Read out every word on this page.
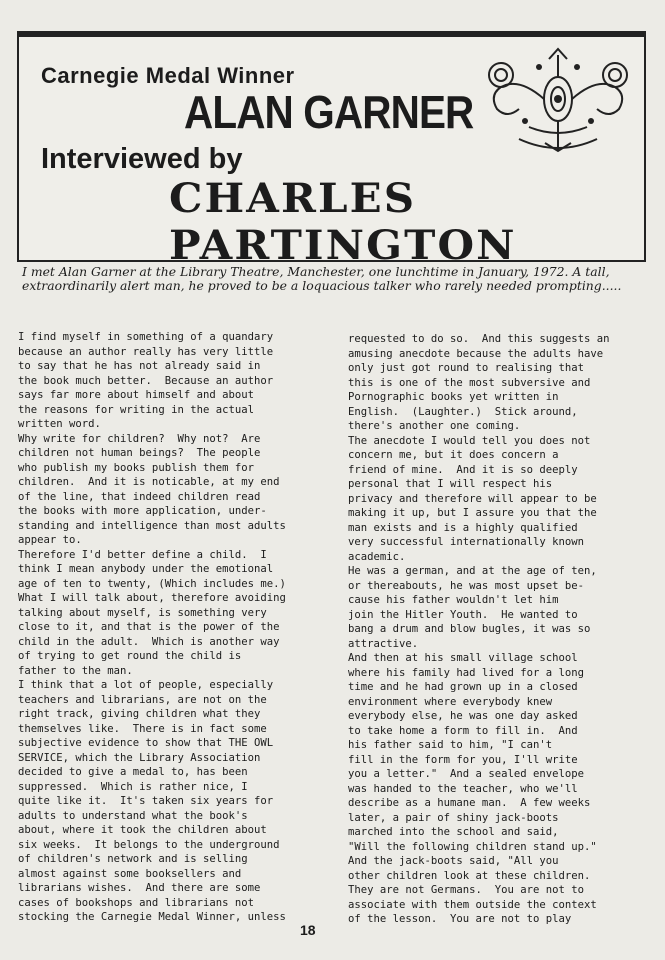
Carnegie Medal Winner
ALAN GARNER
Interviewed by
CHARLES PARTINGTON
I met Alan Garner at the Library Theatre, Manchester, one lunchtime in January, 1972. A tall, extraordinarily alert man, he proved to be a loquacious talker who rarely needed prompting.....
I find myself in something of a quandary
because an author really has very little
to say that he has not already said in
the book much better.  Because an author
says far more about himself and about
the reasons for writing in the actual
written word.
Why write for children?  Why not?  Are
children not human beings?  The people
who publish my books publish them for
children.  And it is noticable, at my end
of the line, that indeed children read
the books with more application, under-
standing and intelligence than most adults
appear to.
Therefore I'd better define a child.  I
think I mean anybody under the emotional
age of ten to twenty, (Which includes me.)
What I will talk about, therefore avoiding
talking about myself, is something very
close to it, and that is the power of the
child in the adult.  Which is another way
of trying to get round the child is
father to the man.
I think that a lot of people, especially
teachers and librarians, are not on the
right track, giving children what they
themselves like.  There is in fact some
subjective evidence to show that THE OWL
SERVICE, which the Library Association
decided to give a medal to, has been
suppressed.  Which is rather nice, I
quite like it.  It's taken six years for
adults to understand what the book's
about, where it took the children about
six weeks.  It belongs to the underground
of children's network and is selling
almost against some booksellers and
librarians wishes.  And there are some
cases of bookshops and librarians not
stocking the Carnegie Medal Winner, unless
requested to do so.  And this suggests an
amusing anecdote because the adults have
only just got round to realising that
this is one of the most subversive and
Pornographic books yet written in
English.  (Laughter.)  Stick around,
there's another one coming.
The anecdote I would tell you does not
concern me, but it does concern a
friend of mine.  And it is so deeply
personal that I will respect his
privacy and therefore will appear to be
making it up, but I assure you that the
man exists and is a highly qualified
very successful internationally known
academic.
He was a german, and at the age of ten,
or thereabouts, he was most upset be-
cause his father wouldn't let him
join the Hitler Youth.  He wanted to
bang a drum and blow bugles, it was so
attractive.
And then at his small village school
where his family had lived for a long
time and he had grown up in a closed
environment where everybody knew
everybody else, he was one day asked
to take home a form to fill in.  And
his father said to him, "I can't
fill in the form for you, I'll write
you a letter."  And a sealed envelope
was handed to the teacher, who we'll
describe as a humane man.  A few weeks
later, a pair of shiny jack-boots
marched into the school and said,
"Will the following children stand up."
And the jack-boots said, "All you
other children look at these children.
They are not Germans.  You are not to
associate with them outside the context
of the lesson.  You are not to play
18
